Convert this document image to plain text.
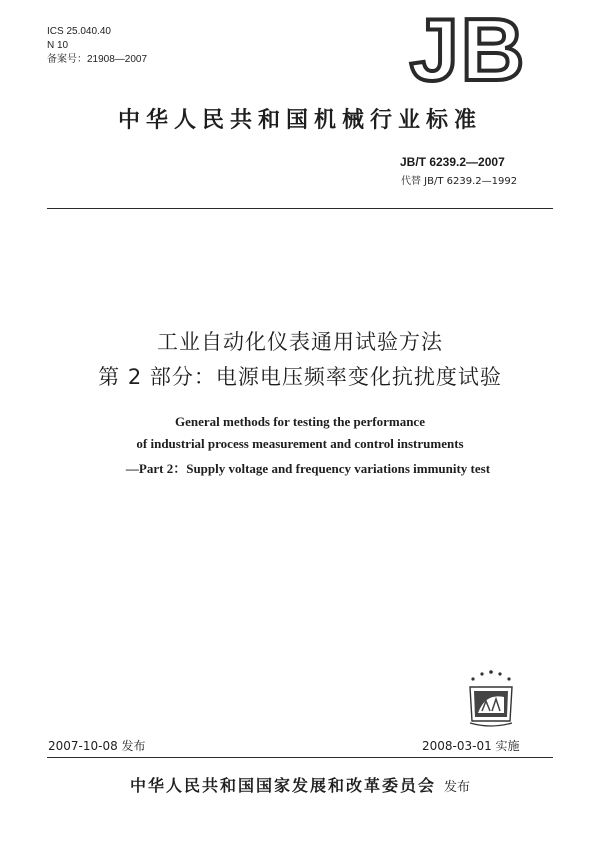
ICS 25.040.40
N 10
备案号：21908—2007	JB
中华人民共和国机械行业标准
JB/T 6239.2—2007
代替 JB/T 6239.2—1992
工业自动化仪表通用试验方法
第 2 部分：电源电压频率变化抗扰度试验
General methods for testing the performance
of industrial process measurement and control instruments
—Part 2：Supply voltage and frequency variations immunity test
2007-10-08 发布	2008-03-01 实施
中华人民共和国国家发展和改革委员会 发布
